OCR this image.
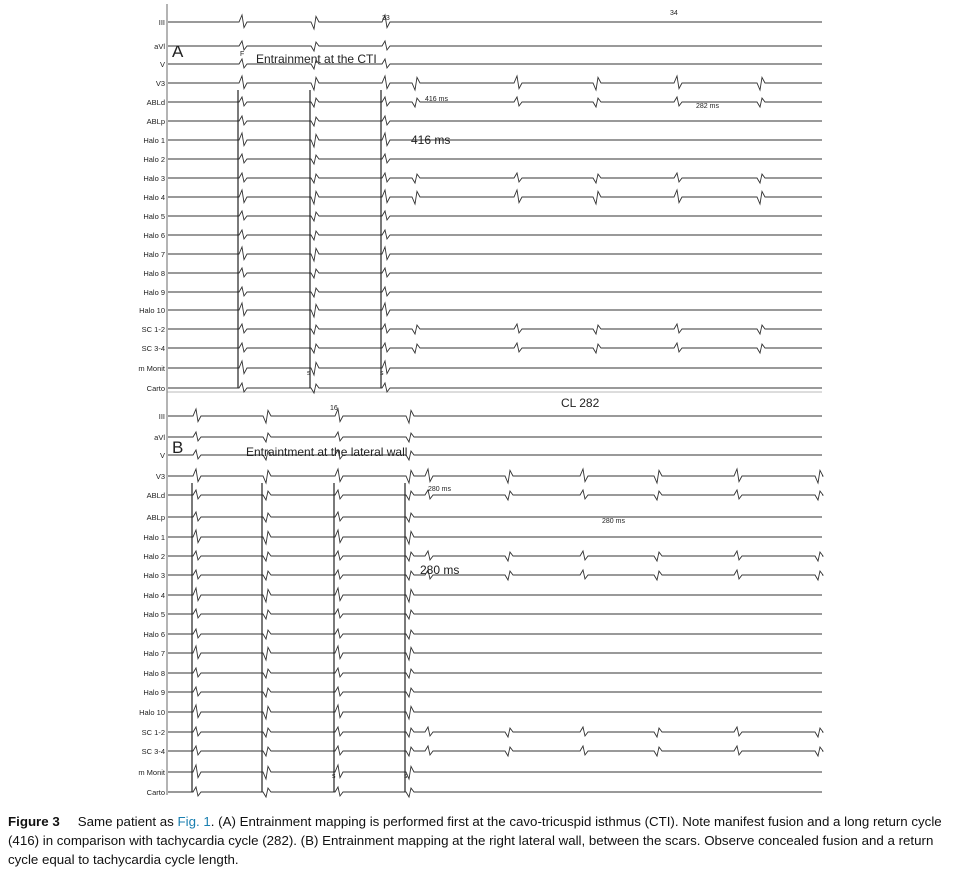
III
aVl
V
V3
ABLd
ABLp
Halo 1
Halo 2
Halo 3
Halo 4
Halo 5
Halo 6
Halo 7
Halo 8
Halo 9
Halo 10
SC 1-2
SC 3-4
m Monit
Carto
III
aVl
V
V3
ABLd
ABLp
Halo 1
Halo 2
Halo 3
Halo 4
Halo 5
Halo 6
Halo 7
Halo 8
Halo 9
Halo 10
SC 1-2
SC 3-4
m Monit
Carto
A	F Entrainment at the CTI
33
34
416 ms
282 ms
416 ms
s	s
B	Entraintment at the lateral wall
16	CL 282
280 ms
280 ms
280 ms
s	s
Figure 3 Same patient as Fig. 1. (A) Entrainment mapping is performed first at the cavo-tricuspid isthmus (CTI). Note manifest fusion and a long return cycle (416) in comparison with tachycardia cycle (282). (B) Entrainment mapping at the right lateral wall, between the scars. Observe concealed fusion and a return cycle equal to tachycardia cycle length.
